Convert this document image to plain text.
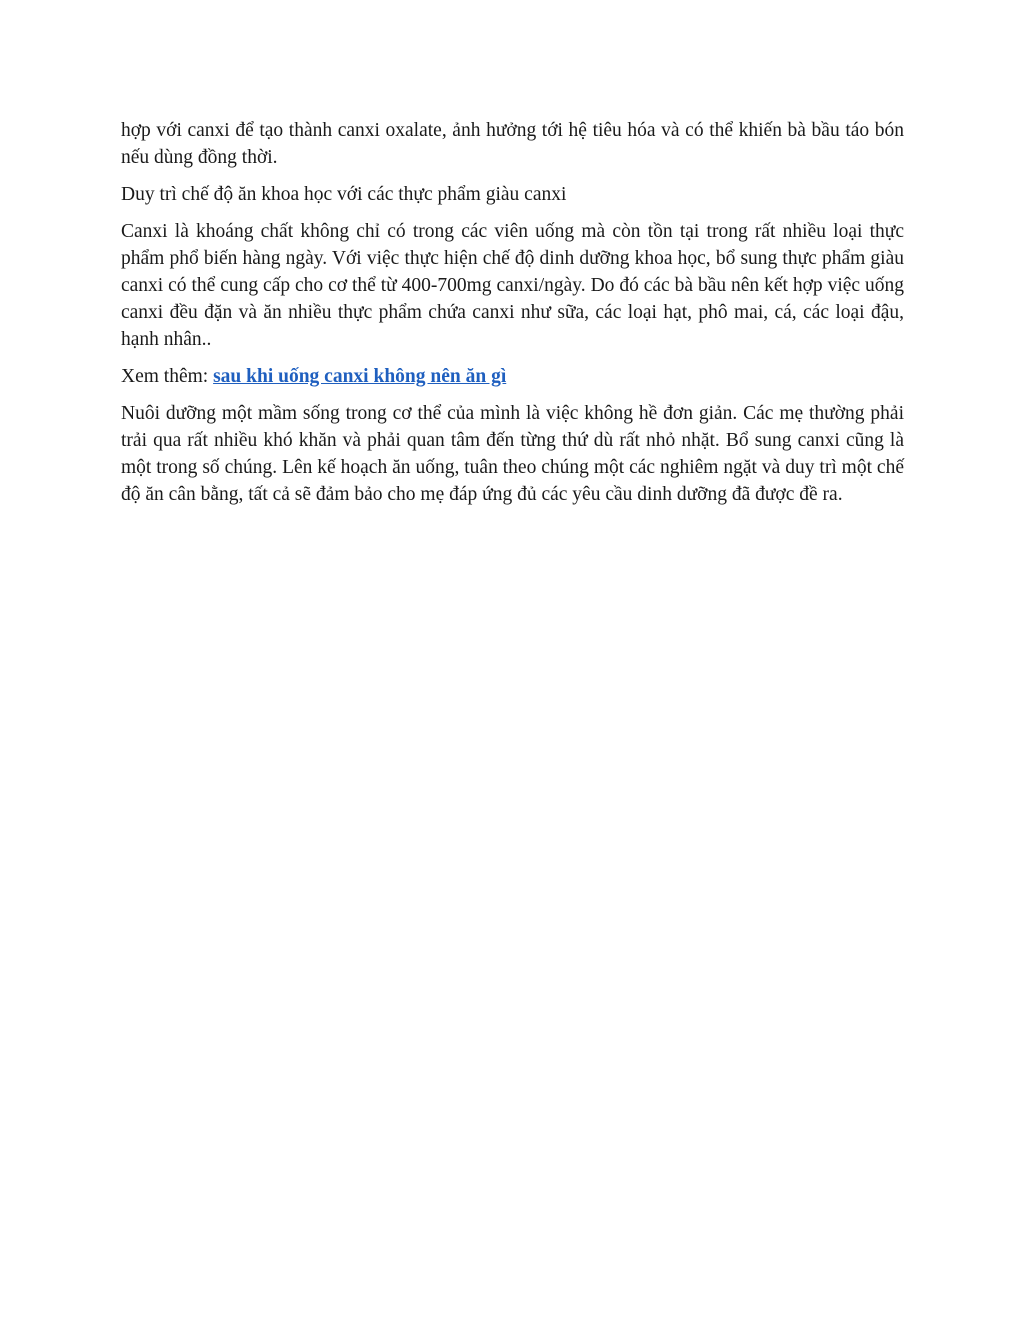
hợp với canxi để tạo thành canxi oxalate, ảnh hưởng tới hệ tiêu hóa và có thể khiến bà bầu táo bón nếu dùng đồng thời.

Duy trì chế độ ăn khoa học với các thực phẩm giàu canxi

Canxi là khoáng chất không chỉ có trong các viên uống mà còn tồn tại trong rất nhiều loại thực phẩm phổ biến hàng ngày. Với việc thực hiện chế độ dinh dưỡng khoa học, bổ sung thực phẩm giàu canxi có thể cung cấp cho cơ thể từ 400-700mg canxi/ngày. Do đó các bà bầu nên kết hợp việc uống canxi đều đặn và ăn nhiều thực phẩm chứa canxi như sữa, các loại hạt, phô mai, cá, các loại đậu, hạnh nhân..

Xem thêm: sau khi uống canxi không nên ăn gì

Nuôi dưỡng một mầm sống trong cơ thể của mình là việc không hề đơn giản. Các mẹ thường phải trải qua rất nhiều khó khăn và phải quan tâm đến từng thứ dù rất nhỏ nhặt. Bổ sung canxi cũng là một trong số chúng. Lên kế hoạch ăn uống, tuân theo chúng một các nghiêm ngặt và duy trì một chế độ ăn cân bằng, tất cả sẽ đảm bảo cho mẹ đáp ứng đủ các yêu cầu dinh dưỡng đã được đề ra.
